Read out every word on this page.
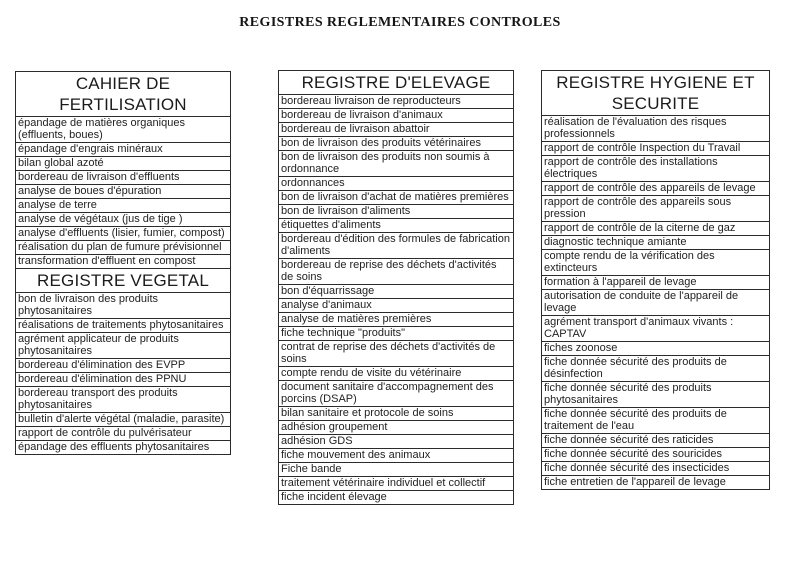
REGISTRES REGLEMENTAIRES CONTROLES
CAHIER DE FERTILISATION
épandage de matières organiques (effluents, boues)
épandage d'engrais minéraux
bilan global azoté
bordereau de livraison d'effluents
analyse de boues d'épuration
analyse de terre
analyse de végétaux (jus de tige )
analyse d'effluents (lisier, fumier, compost)
réalisation du plan de fumure prévisionnel
transformation d'effluent en compost
REGISTRE VEGETAL
bon de livraison des produits phytosanitaires
réalisations de traitements phytosanitaires
agrément applicateur de produits phytosanitaires
bordereau d'élimination des EVPP
bordereau d'élimination des PPNU
bordereau transport des produits phytosanitaires
bulletin d'alerte végétal (maladie, parasite)
rapport de contrôle du pulvérisateur
épandage des effluents phytosanitaires
REGISTRE D'ELEVAGE
bordereau livraison de reproducteurs
bordereau de livraison d'animaux
bordereau de livraison abattoir
bon de livraison des produits vétérinaires
bon de livraison des produits non soumis à ordonnance
ordonnances
bon de livraison d'achat de matières premières
bon de livraison d'aliments
étiquettes d'aliments
bordereau d'édition des formules de fabrication d'aliments
bordereau de reprise des déchets d'activités de soins
bon d'équarrissage
analyse d'animaux
analyse de matières premières
fiche technique "produits"
contrat de reprise des déchets d'activités de soins
compte rendu de visite du vétérinaire
document sanitaire d'accompagnement des porcins (DSAP)
bilan sanitaire et protocole de soins
adhésion groupement
adhésion GDS
fiche mouvement des animaux
Fiche bande
traitement vétérinaire individuel et collectif
fiche incident élevage
REGISTRE HYGIENE ET SECURITE
réalisation de l'évaluation des risques professionnels
rapport de contrôle Inspection du Travail
rapport de contrôle des installations électriques
rapport de contrôle des appareils de levage
rapport de contrôle des appareils sous pression
rapport de contrôle de la citerne de gaz
diagnostic technique amiante
compte rendu de la vérification des extincteurs
formation à l'appareil de levage
autorisation de conduite de l'appareil de levage
agrément transport d'animaux vivants : CAPTAV
fiches zoonose
fiche donnée sécurité des produits de désinfection
fiche donnée sécurité des produits phytosanitaires
fiche donnée sécurité des produits de traitement de l'eau
fiche donnée sécurité des raticides
fiche donnée sécurité des souricides
fiche donnée sécurité des insecticides
fiche entretien de l'appareil de levage
